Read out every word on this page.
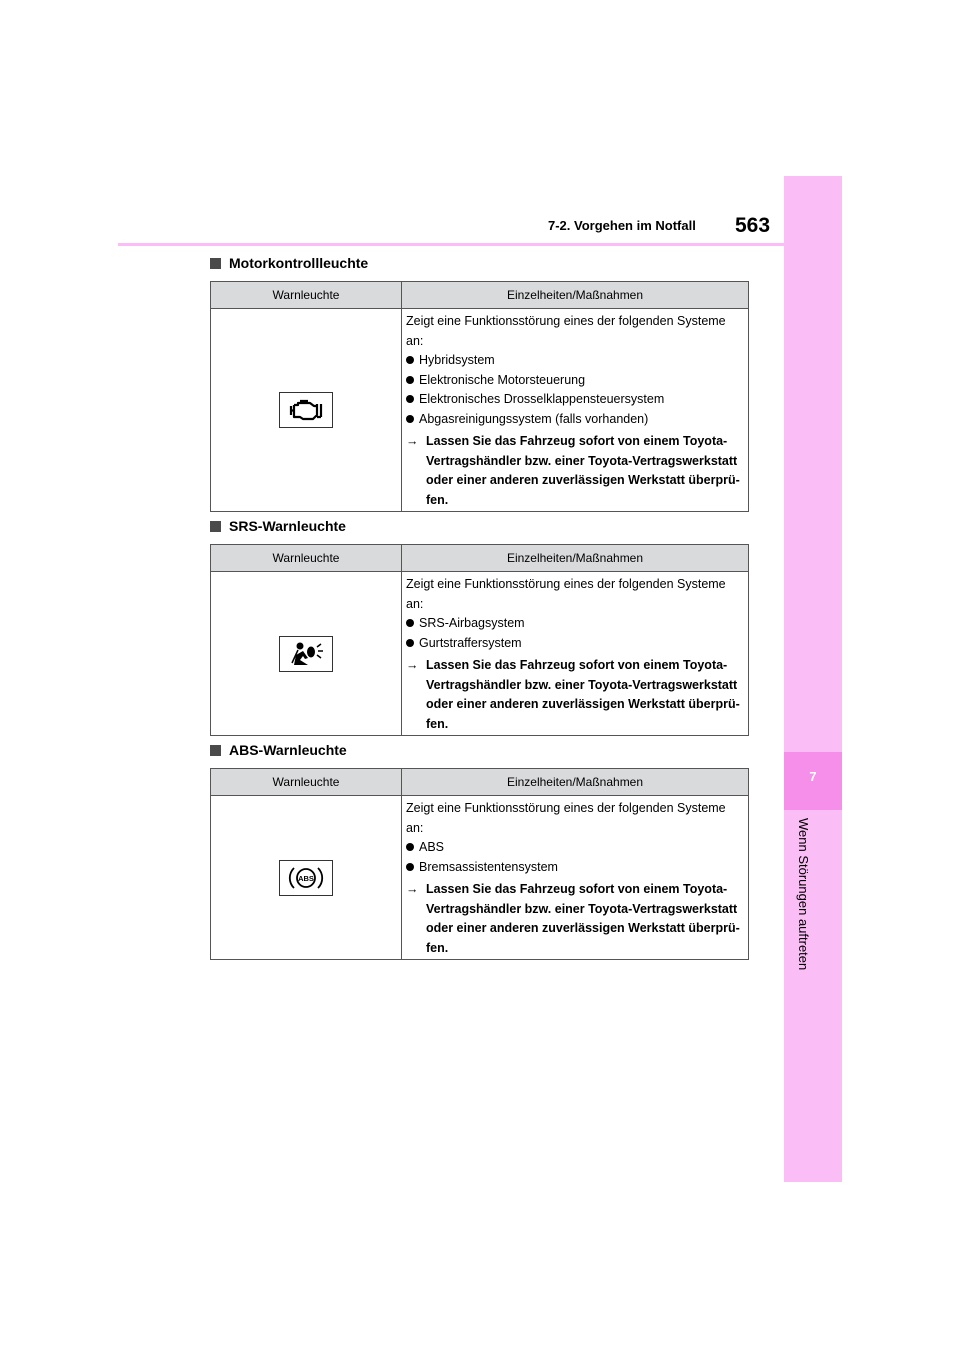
7
Wenn Störungen auftreten
7-2. Vorgehen im Notfall 563
Motorkontrollleuchte
Warnleuchte	Einzelheiten/Maßnahmen
Zeigt eine Funktionsstörung eines der folgenden Systeme an:
Hybridsystem
Elektronische Motorsteuerung
Elektronisches Drosselklappensteuersystem
Abgasreinigungssystem (falls vorhanden)
→ Lassen Sie das Fahrzeug sofort von einem Toyota-Vertragshändler bzw. einer Toyota-Vertragswerkstatt oder einer anderen zuverlässigen Werkstatt überprü-fen.
SRS-Warnleuchte
Warnleuchte	Einzelheiten/Maßnahmen
Zeigt eine Funktionsstörung eines der folgenden Systeme an:
SRS-Airbagsystem
Gurtstraffersystem
→ Lassen Sie das Fahrzeug sofort von einem Toyota-Vertragshändler bzw. einer Toyota-Vertragswerkstatt oder einer anderen zuverlässigen Werkstatt überprü-fen.
ABS-Warnleuchte
Warnleuchte	Einzelheiten/Maßnahmen
ABS
Zeigt eine Funktionsstörung eines der folgenden Systeme an:
ABS
Bremsassistentensystem
→ Lassen Sie das Fahrzeug sofort von einem Toyota-Vertragshändler bzw. einer Toyota-Vertragswerkstatt oder einer anderen zuverlässigen Werkstatt überprü-fen.
